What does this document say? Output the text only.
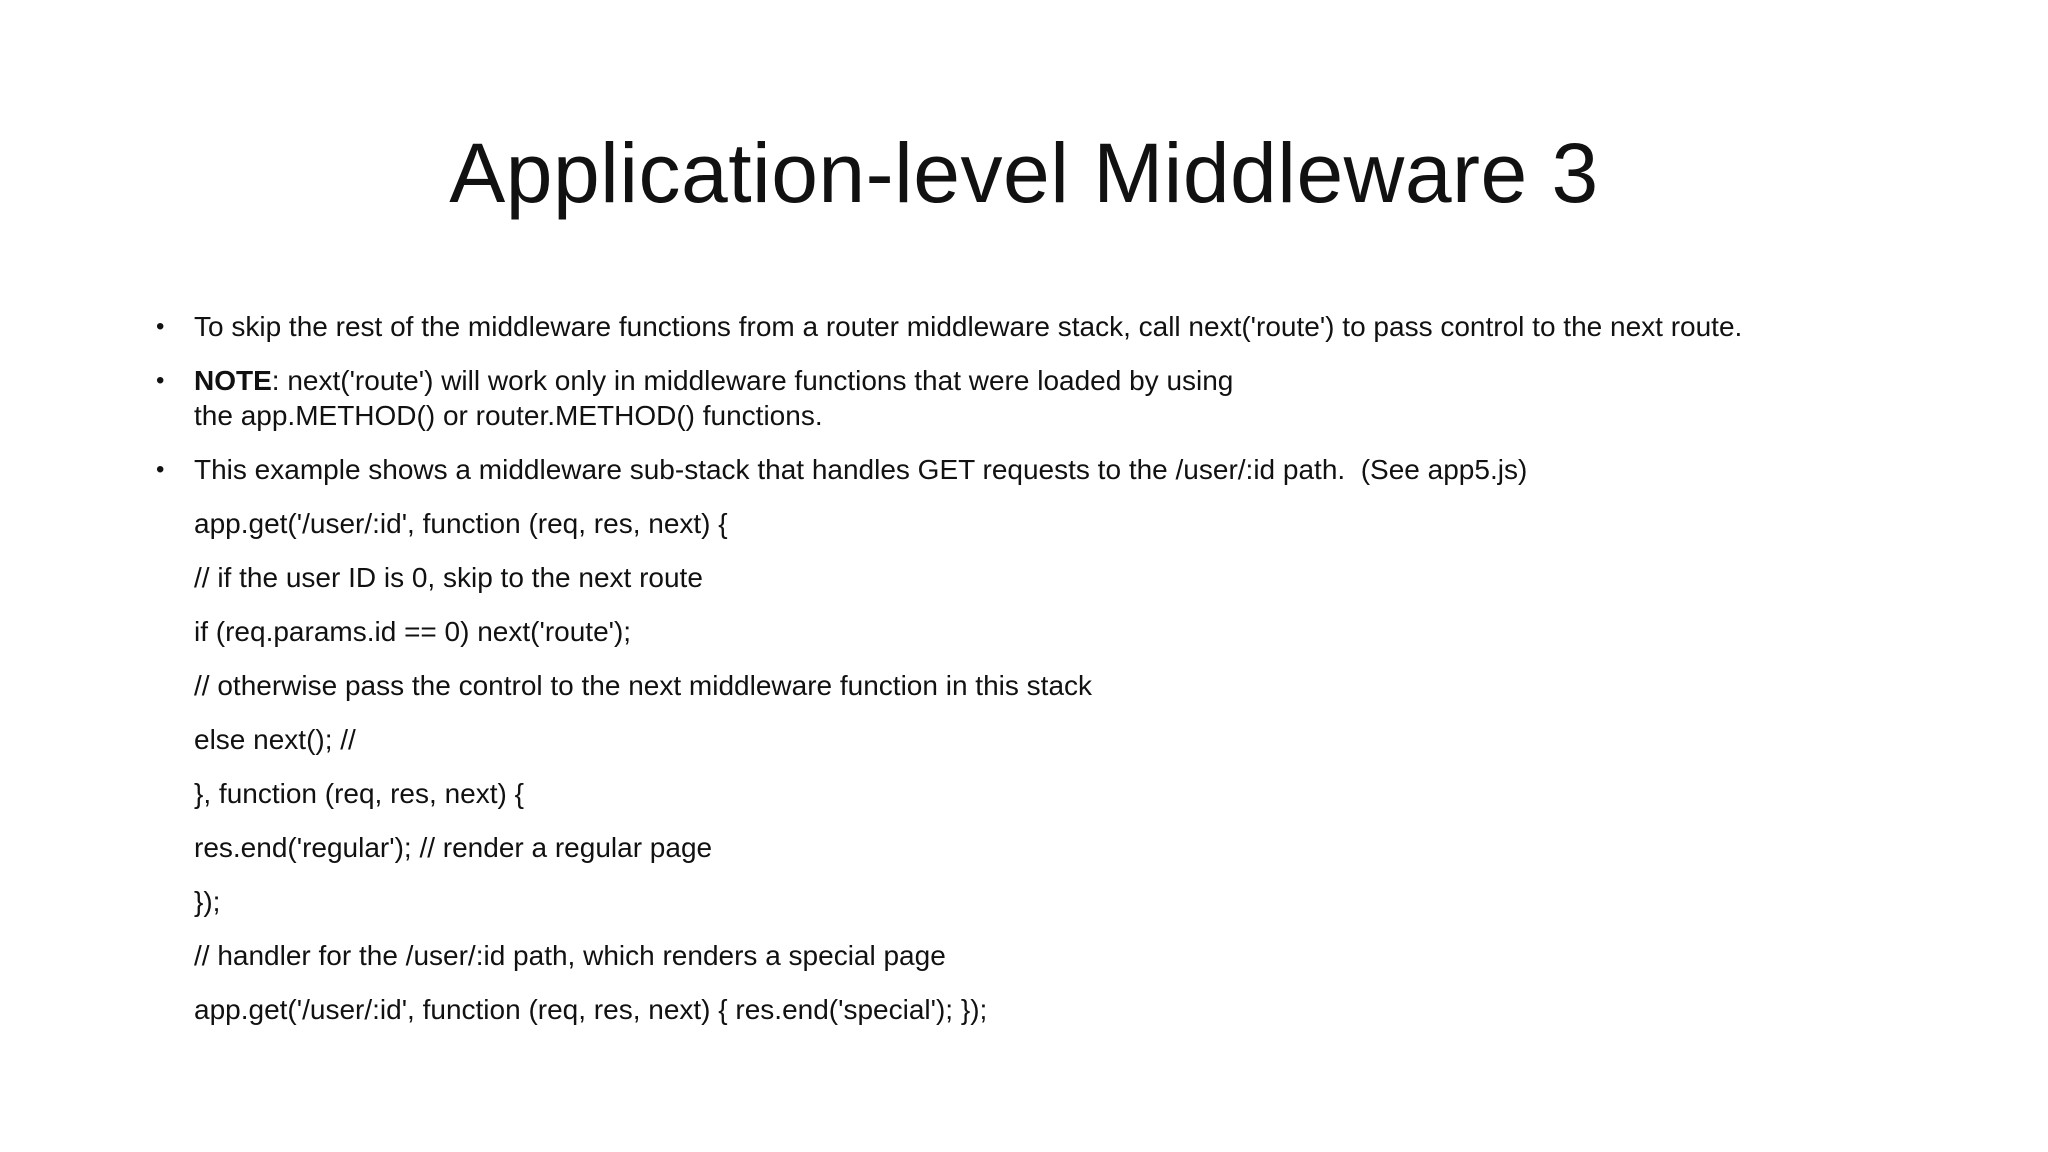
Application-level Middleware 3
• To skip the rest of the middleware functions from a router middleware stack, call next('route') to pass control to the next route.
• NOTE: next('route') will work only in middleware functions that were loaded by using
the app.METHOD() or router.METHOD() functions.
• This example shows a middleware sub-stack that handles GET requests to the /user/:id path.  (See app5.js)
app.get('/user/:id', function (req, res, next) {
// if the user ID is 0, skip to the next route
if (req.params.id == 0) next('route');
// otherwise pass the control to the next middleware function in this stack
else next(); //
}, function (req, res, next) {
res.end('regular'); // render a regular page
});
// handler for the /user/:id path, which renders a special page
app.get('/user/:id', function (req, res, next) { res.end('special'); });
